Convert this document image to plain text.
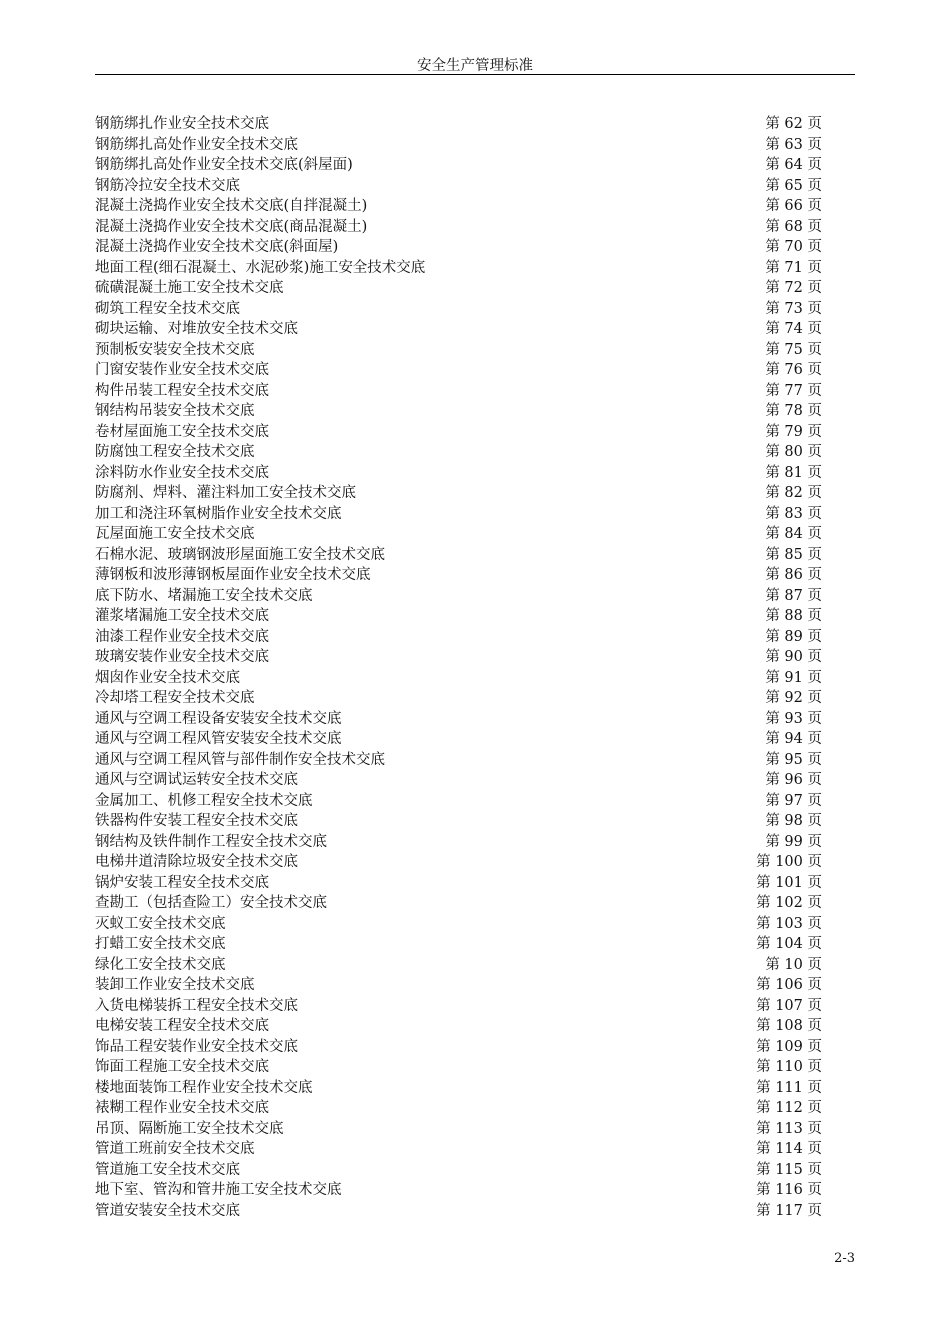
安全生产管理标准
钢筋绑扎作业安全技术交底	第 62 页
钢筋绑扎高处作业安全技术交底	第 63 页
钢筋绑扎高处作业安全技术交底(斜屋面)	第 64 页
钢筋冷拉安全技术交底	第 65 页
混凝土浇捣作业安全技术交底(自拌混凝土)	第 66 页
混凝土浇捣作业安全技术交底(商品混凝土)	第 68 页
混凝土浇捣作业安全技术交底(斜面屋)	第 70 页
地面工程(细石混凝土、水泥砂浆)施工安全技术交底	第 71 页
硫磺混凝土施工安全技术交底	第 72 页
砌筑工程安全技术交底	第 73 页
砌块运输、对堆放安全技术交底	第 74 页
预制板安装安全技术交底	第 75 页
门窗安装作业安全技术交底	第 76 页
构件吊装工程安全技术交底	第 77 页
钢结构吊装安全技术交底	第 78 页
卷材屋面施工安全技术交底	第 79 页
防腐蚀工程安全技术交底	第 80 页
涂料防水作业安全技术交底	第 81 页
防腐剂、焊料、灌注料加工安全技术交底	第 82 页
加工和浇注环氧树脂作业安全技术交底	第 83 页
瓦屋面施工安全技术交底	第 84 页
石棉水泥、玻璃钢波形屋面施工安全技术交底	第 85 页
薄钢板和波形薄钢板屋面作业安全技术交底	第 86 页
底下防水、堵漏施工安全技术交底	第 87 页
灌浆堵漏施工安全技术交底	第 88 页
油漆工程作业安全技术交底	第 89 页
玻璃安装作业安全技术交底	第 90 页
烟囱作业安全技术交底	第 91 页
冷却塔工程安全技术交底	第 92 页
通风与空调工程设备安装安全技术交底	第 93 页
通风与空调工程风管安装安全技术交底	第 94 页
通风与空调工程风管与部件制作安全技术交底	第 95 页
通风与空调试运转安全技术交底	第 96 页
金属加工、机修工程安全技术交底	第 97 页
铁器构件安装工程安全技术交底	第 98 页
钢结构及铁件制作工程安全技术交底	第 99 页
电梯井道清除垃圾安全技术交底	第 100 页
锅炉安装工程安全技术交底	第 101 页
查勘工（包括查险工）安全技术交底	第 102 页
灭蚁工安全技术交底	第 103 页
打蜡工安全技术交底	第 104 页
绿化工安全技术交底	第 10 页
装卸工作业安全技术交底	第 106 页
入货电梯装拆工程安全技术交底	第 107 页
电梯安装工程安全技术交底	第 108 页
饰品工程安装作业安全技术交底	第 109 页
饰面工程施工安全技术交底	第 110 页
楼地面装饰工程作业安全技术交底	第 111 页
裱糊工程作业安全技术交底	第 112 页
吊顶、隔断施工安全技术交底	第 113 页
管道工班前安全技术交底	第 114 页
管道施工安全技术交底	第 115 页
地下室、管沟和管井施工安全技术交底	第 116 页
管道安装安全技术交底	第 117 页
2-3
